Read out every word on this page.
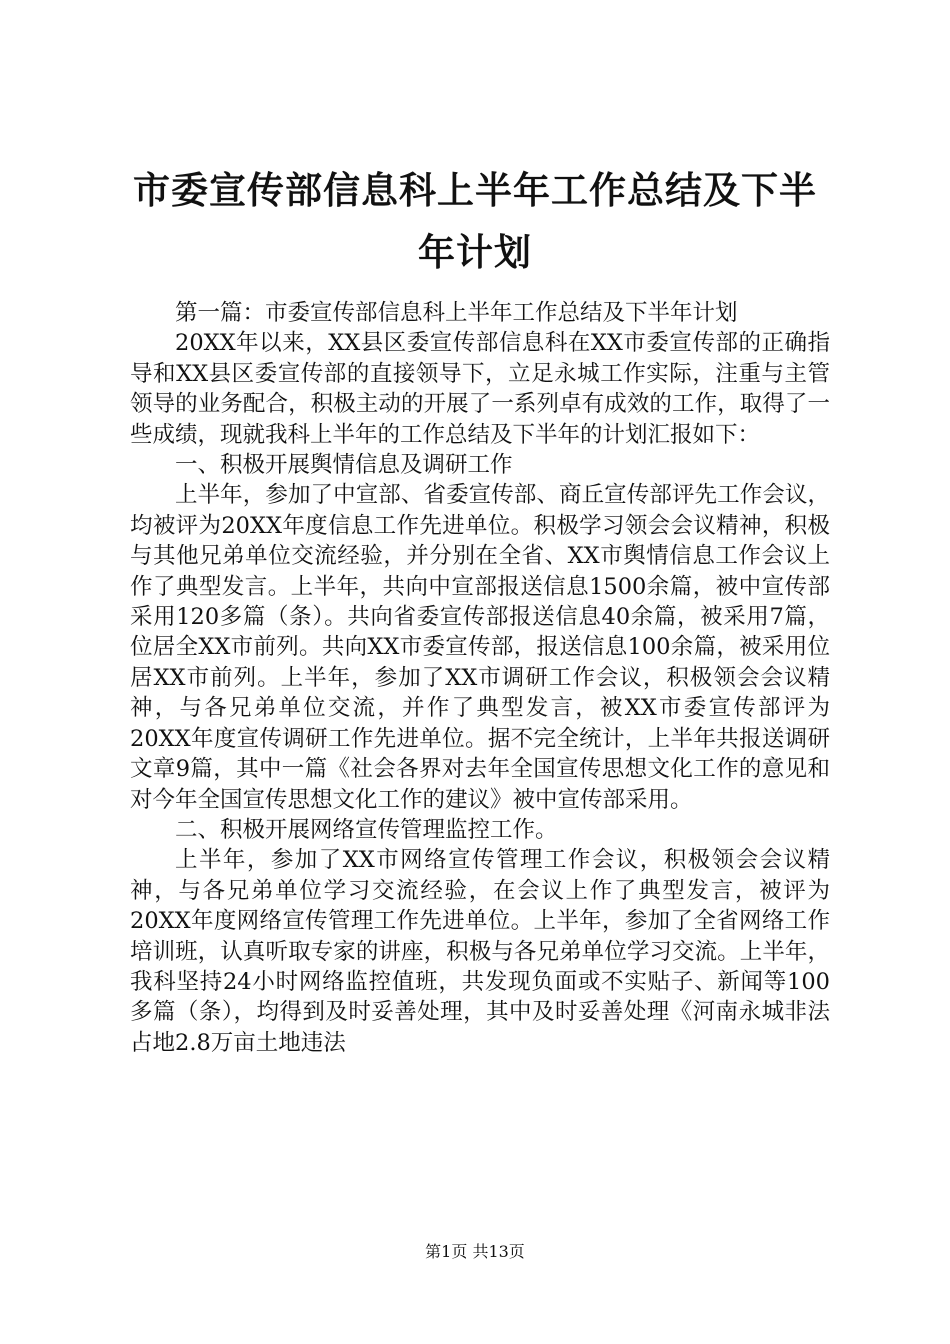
市委宣传部信息科上半年工作总结及下半年计划

第一篇：市委宣传部信息科上半年工作总结及下半年计划

20XX年以来，XX县区委宣传部信息科在XX市委宣传部的正确指导和XX县区委宣传部的直接领导下，立足永城工作实际，注重与主管领导的业务配合，积极主动的开展了一系列卓有成效的工作，取得了一些成绩，现就我科上半年的工作总结及下半年的计划汇报如下：

一、积极开展舆情信息及调研工作

上半年，参加了中宣部、省委宣传部、商丘宣传部评先工作会议，均被评为20XX年度信息工作先进单位。积极学习领会会议精神，积极与其他兄弟单位交流经验，并分别在全省、XX市舆情信息工作会议上作了典型发言。上半年，共向中宣部报送信息1500余篇，被中宣传部采用120多篇（条）。共向省委宣传部报送信息40余篇，被采用7篇，位居全XX市前列。共向XX市委宣传部，报送信息100余篇，被采用位居XX市前列。上半年，参加了XX市调研工作会议，积极领会会议精神，与各兄弟单位交流，并作了典型发言，被XX市委宣传部评为20XX年度宣传调研工作先进单位。据不完全统计，上半年共报送调研文章9篇，其中一篇《社会各界对去年全国宣传思想文化工作的意见和对今年全国宣传思想文化工作的建议》被中宣传部采用。

二、积极开展网络宣传管理监控工作。

上半年，参加了XX市网络宣传管理工作会议，积极领会会议精神，与各兄弟单位学习交流经验，在会议上作了典型发言，被评为20XX年度网络宣传管理工作先进单位。上半年，参加了全省网络工作培训班，认真听取专家的讲座，积极与各兄弟单位学习交流。上半年，我科坚持24小时网络监控值班，共发现负面或不实贴子、新闻等100多篇（条），均得到及时妥善处理，其中及时妥善处理《河南永城非法占地2.8万亩土地违法

第1页 共13页
